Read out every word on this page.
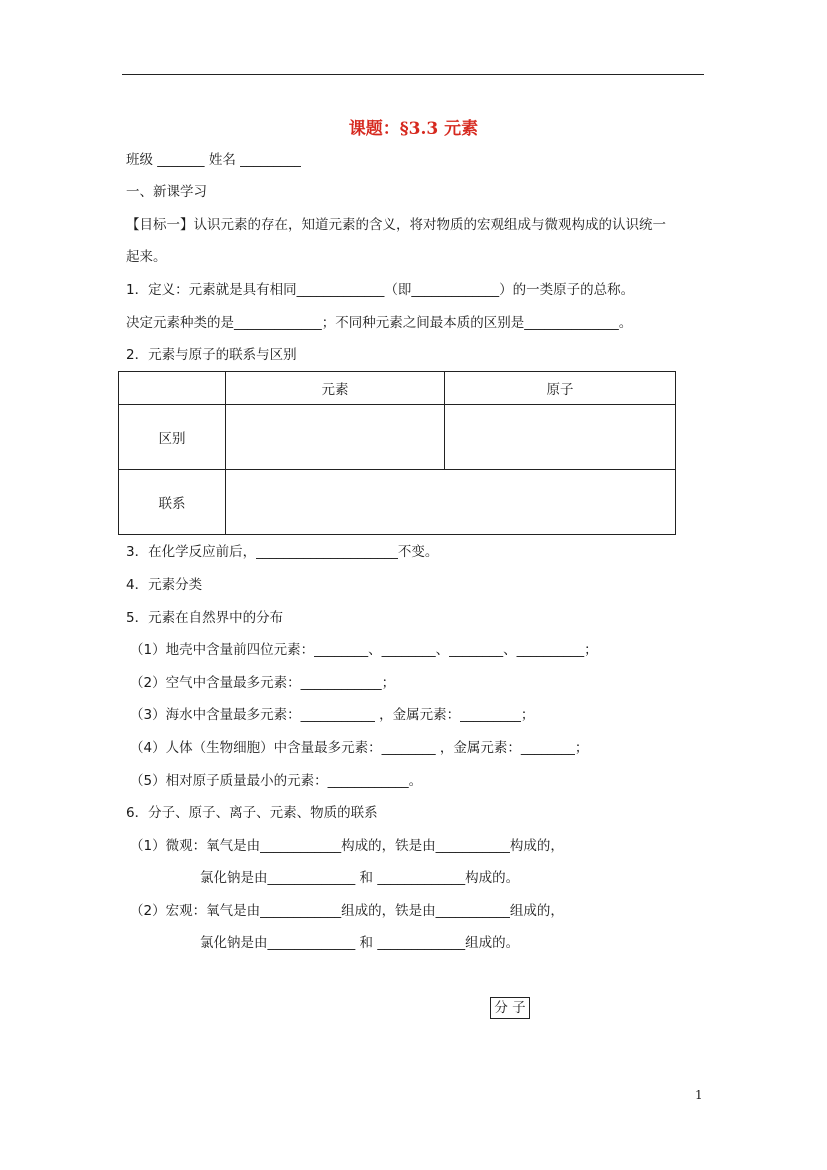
课题：§3.3 元素
班级 _______ 姓名 _________
一、新课学习
【目标一】认识元素的存在，知道元素的含义，将对物质的宏观组成与微观构成的认识统一
起来。
1．定义：元素就是具有相同_____________（即_____________）的一类原子的总称。
决定元素种类的是_____________；不同种元素之间最本质的区别是______________。
2．元素与原子的联系与区别
	元素	原子
区别		
联系		
3．在化学反应前后，_____________________不变。
4．元素分类
5．元素在自然界中的分布
（1）地壳中含量前四位元素：________、________、________、__________；
（2）空气中含量最多元素：____________；
（3）海水中含量最多元素：___________ ，金属元素：_________；
（4）人体（生物细胞）中含量最多元素：________ ，金属元素：________；
（5）相对原子质量最小的元素：____________。
6．分子、原子、离子、元素、物质的联系
（1）微观：氧气是由____________构成的，铁是由___________构成的，
氯化钠是由_____________ 和 _____________构成的。
（2）宏观：氧气是由____________组成的，铁是由___________组成的，
氯化钠是由_____________ 和 _____________组成的。
分 子
1
